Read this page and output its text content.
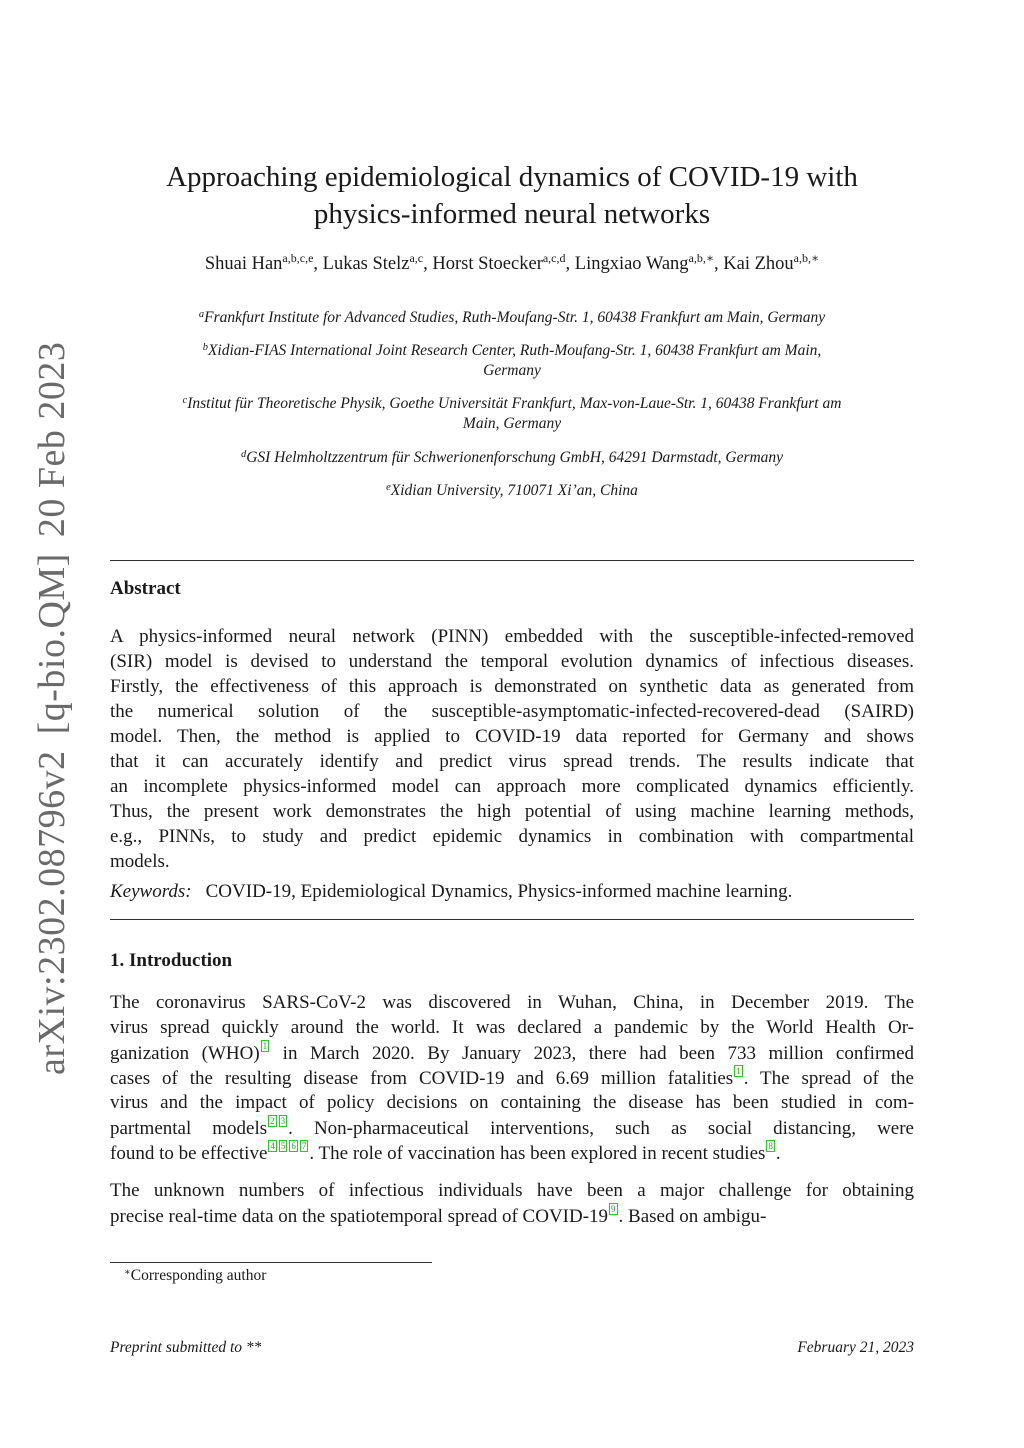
arXiv:2302.08796v2[q-bio.QM]20 Feb 2023
Approaching epidemiological dynamics of COVID-19 with
physics-informed neural networks
Shuai Han$^{a,b,c,e}$, Lukas Stelz$^{a,c}$, Horst Stoecker$^{a,c,d}$, Lingxiao Wang$^{a,b,∗}$, Kai Zhou$^{a,b,∗}$
$^a$Frankfurt Institute for Advanced Studies, Ruth-Moufang-Str. 1, 60438 Frankfurt am Main, Germany
$^b$Xidian-FIAS International Joint Research Center, Ruth-Moufang-Str. 1, 60438 Frankfurt am Main,
Germany
$^c$Institut für Theoretische Physik, Goethe Universität Frankfurt, Max-von-Laue-Str. 1, 60438 Frankfurt am
Main, Germany
$^d$GSI Helmholtzzentrum für Schwerionenforschung GmbH, 64291 Darmstadt, Germany
$^e$Xidian University, 710071 Xi’an, China
Abstract
A physics-informed neural network (PINN) embedded with the susceptible-infected-removed
(SIR) model is devised to understand the temporal evolution dynamics of infectious diseases.
Firstly, the effectiveness of this approach is demonstrated on synthetic data as generated from
the numerical solution of the susceptible-asymptomatic-infected-recovered-dead (SAIRD)
model. Then, the method is applied to COVID-19 data reported for Germany and shows
that it can accurately identify and predict virus spread trends. The results indicate that
an incomplete physics-informed model can approach more complicated dynamics efficiently.
Thus, the present work demonstrates the high potential of using machine learning methods,
e.g., PINNs, to study and predict epidemic dynamics in combination with compartmental
models.
Keywords: COVID-19, Epidemiological Dynamics, Physics-informed machine learning.
1. Introduction
The coronavirus SARS-CoV-2 was discovered in Wuhan, China, in December 2019. The
virus spread quickly around the world. It was declared a pandemic by the World Health Or-
ganization (WHO) 1 in March 2020. By January 2023, there had been 733 million confirmed
cases of the resulting disease from COVID-19 and 6.69 million fatalities 1 . The spread of the
virus and the impact of policy decisions on containing the disease has been studied in com-
partmental models 2 3 . Non-pharmaceutical interventions, such as social distancing, were
found to be effective 4 5 6 7 . The role of vaccination has been explored in recent studies 8 .
The unknown numbers of infectious individuals have been a major challenge for obtaining
precise real-time data on the spatiotemporal spread of COVID-19 9 . Based on ambigu-
∗Corresponding author
Preprint submitted to **	February 21, 2023
